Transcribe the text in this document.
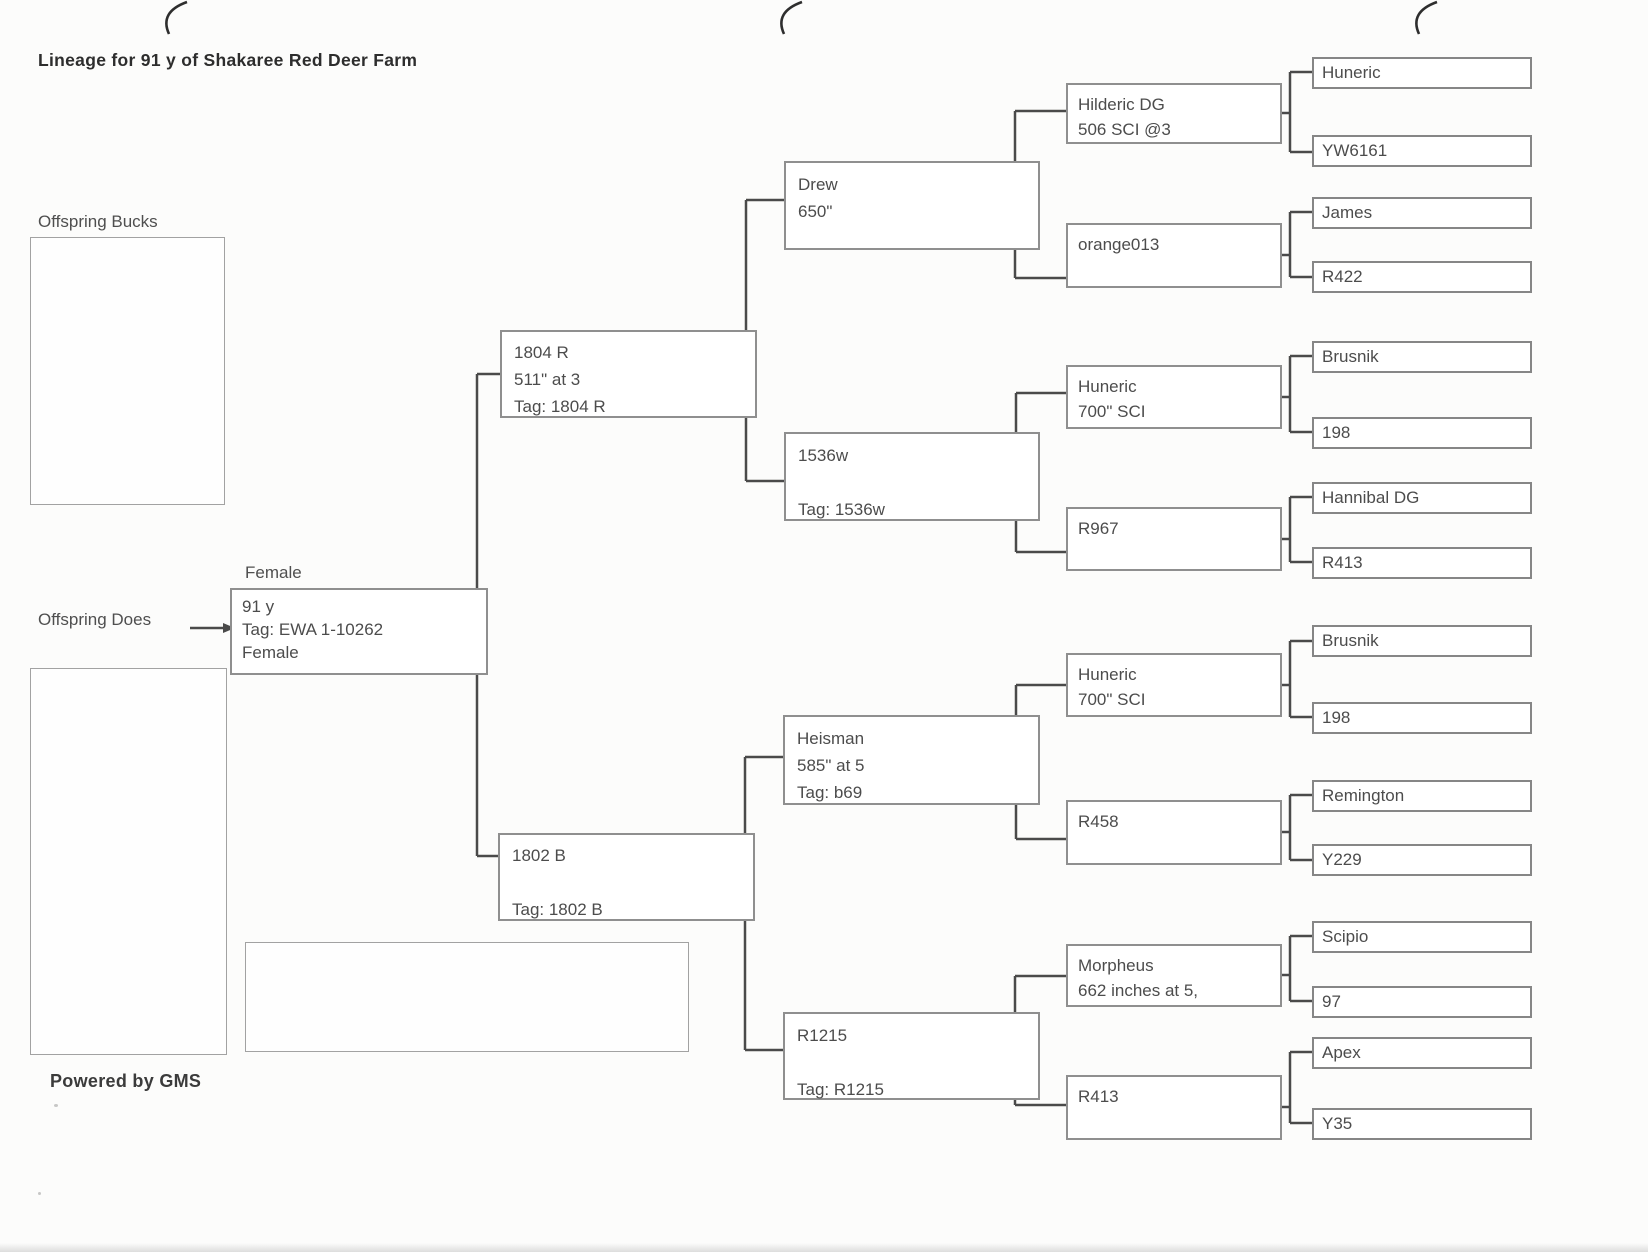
Lineage for 91 y of Shakaree Red Deer Farm
Offspring Bucks
Offspring Does
Powered by GMS
Female
91 y
Tag: EWA 1-10262
Female
1804 R
511" at 3
Tag: 1804 R
1802 B
Tag: 1802 B
Drew
650"
1536w
Tag: 1536w
Heisman
585" at 5
Tag: b69
R1215
Tag: R1215
Hilderic DG
506 SCI @3
orange013
Huneric
700" SCI
R967
Huneric
700" SCI
R458
Morpheus
662 inches at 5,
R413
Huneric
YW6161
James
R422
Brusnik
198
Hannibal DG
R413
Brusnik
198
Remington
Y229
Scipio
97
Apex
Y35
